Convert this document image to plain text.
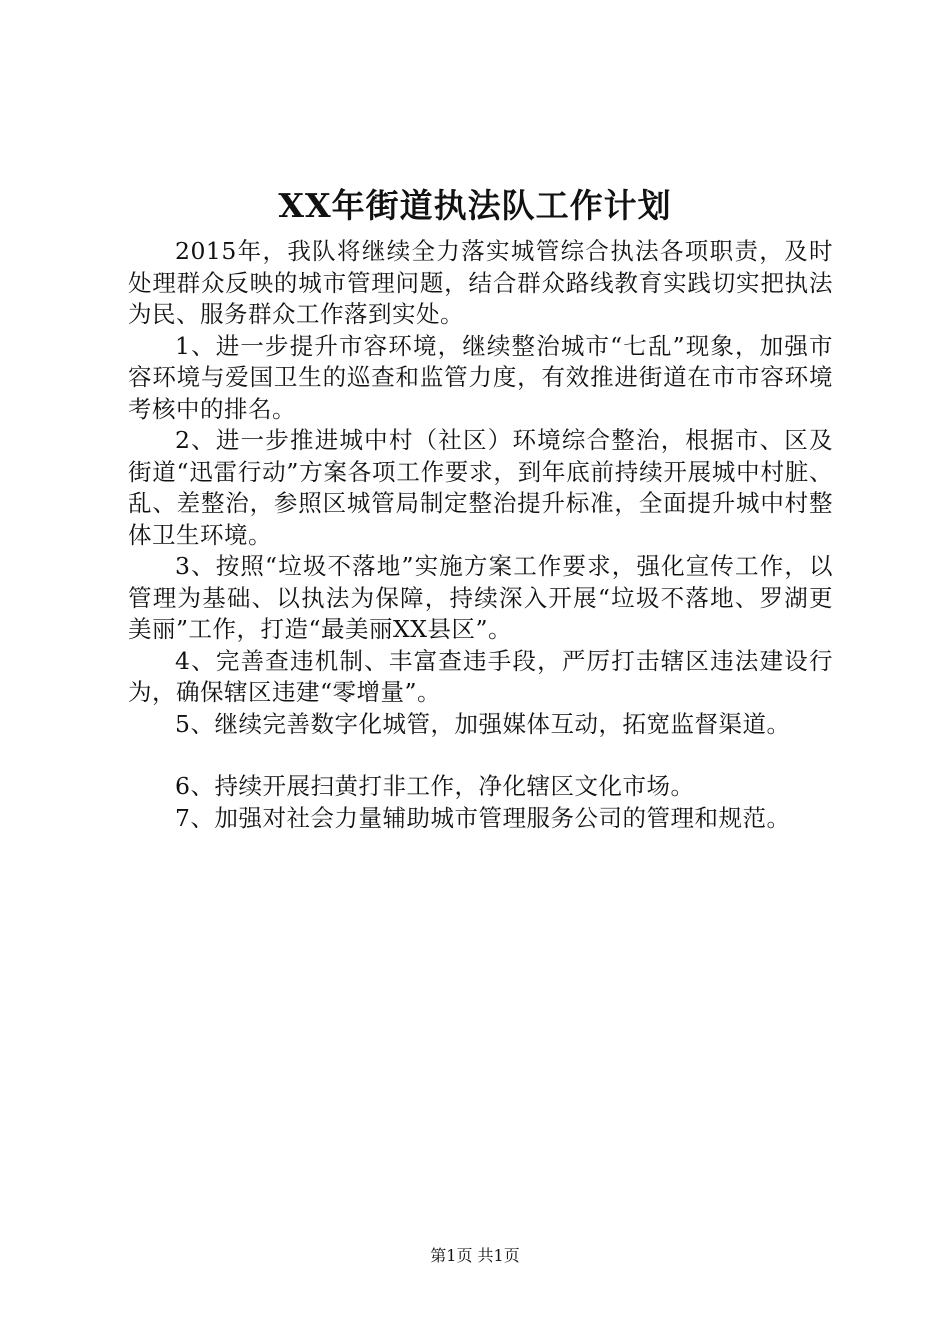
XX年街道执法队工作计划

2015年，我队将继续全力落实城管综合执法各项职责，及时处理群众反映的城市管理问题，结合群众路线教育实践切实把执法为民、服务群众工作落到实处。

1、进一步提升市容环境，继续整治城市“七乱”现象，加强市容环境与爱国卫生的巡查和监管力度，有效推进街道在市市容环境考核中的排名。

2、进一步推进城中村（社区）环境综合整治，根据市、区及街道“迅雷行动”方案各项工作要求，到年底前持续开展城中村脏、乱、差整治，参照区城管局制定整治提升标准，全面提升城中村整体卫生环境。

3、按照“垃圾不落地”实施方案工作要求，强化宣传工作，以管理为基础、以执法为保障，持续深入开展“垃圾不落地、罗湖更美丽”工作，打造“最美丽XX县区”。

4、完善查违机制、丰富查违手段，严厉打击辖区违法建设行为，确保辖区违建“零增量”。

5、继续完善数字化城管，加强媒体互动，拓宽监督渠道。

6、持续开展扫黄打非工作，净化辖区文化市场。

7、加强对社会力量辅助城市管理服务公司的管理和规范。

第1页 共1页
